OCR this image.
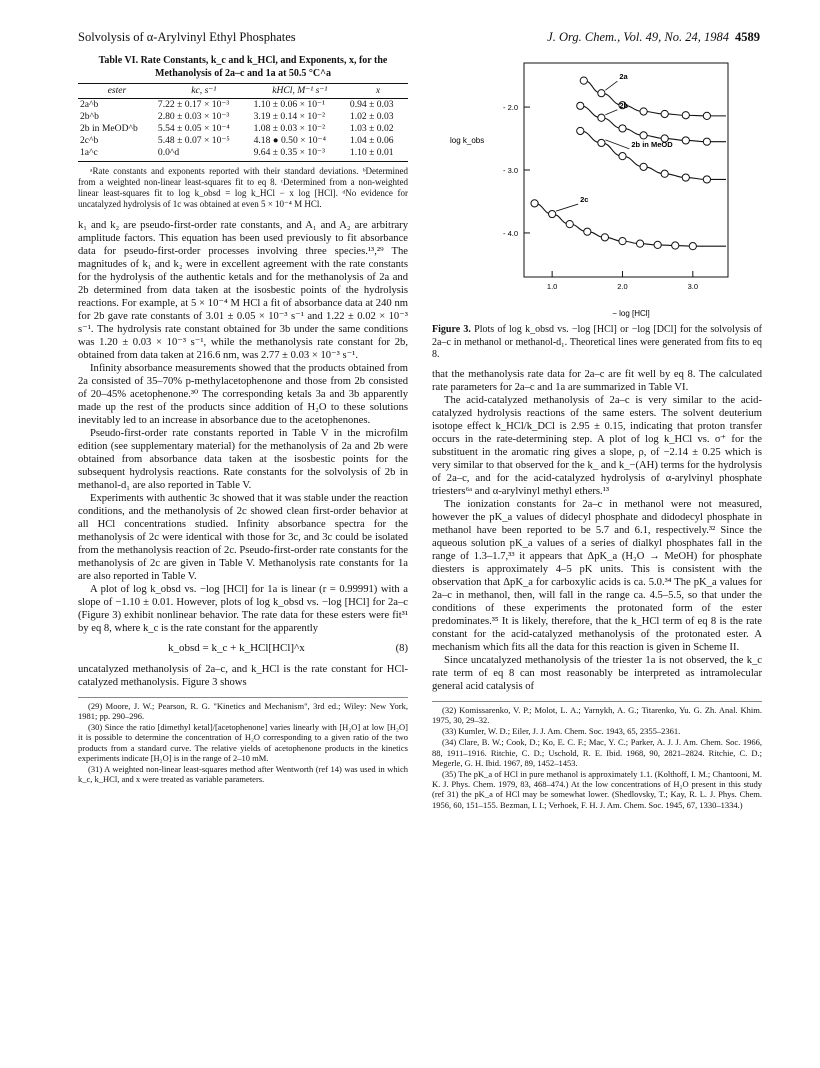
Solvolysis of α-Arylvinyl Ethyl Phosphates	J. Org. Chem., Vol. 49, No. 24, 1984 4589
Table VI. Rate Constants, k_c and k_HCl, and Exponents, x, for the Methanolysis of 2a–c and 1a at 50.5 °C^a
ester	kc, s⁻¹	kHCl, M⁻¹ s⁻¹	x
2a^b	7.22 ± 0.17 × 10⁻³	1.10 ± 0.06 × 10⁻¹	0.94 ± 0.03
2b^b	2.80 ± 0.03 × 10⁻³	3.19 ± 0.14 × 10⁻²	1.02 ± 0.03
2b in MeOD^b	5.54 ± 0.05 × 10⁻⁴	1.08 ± 0.03 × 10⁻²	1.03 ± 0.02
2c^b	5.48 ± 0.07 × 10⁻⁵	4.18 ● 0.50 × 10⁻⁴	1.04 ± 0.06
1a^c	0.0^d	9.64 ± 0.35 × 10⁻³	1.10 ± 0.01
ᵃRate constants and exponents reported with their standard deviations. ᵇDetermined from a weighted non-linear least-squares fit to eq 8. ᶜDetermined from a non-weighted linear least-squares fit to log k_obsd = log k_HCl − x log [HCl]. ᵈNo evidence for uncatalyzed hydrolysis of 1c was obtained at even 5 × 10⁻⁴ M HCl.

k₁ and k₂ are pseudo-first-order rate constants, and A₁ and A₂ are arbitrary amplitude factors. This equation has been used previously to fit absorbance data for pseudo-first-order processes involving three species.¹³,²⁹ The magnitudes of k₁ and k₂ were in excellent agreement with the rate constants for the hydrolysis of the authentic ketals and for the methanolysis of 2a and 2b determined from data taken at the isosbestic points of the hydrolysis reactions. For example, at 5 × 10⁻⁴ M HCl a fit of absorbance data at 240 nm for 2b gave rate constants of 3.01 ± 0.05 × 10⁻³ s⁻¹ and 1.22 ± 0.02 × 10⁻³ s⁻¹. The hydrolysis rate constant obtained for 3b under the same conditions was 1.20 ± 0.03 × 10⁻³ s⁻¹, while the methanolysis rate constant for 2b, obtained from data taken at 216.6 nm, was 2.77 ± 0.03 × 10⁻³ s⁻¹.

Infinity absorbance measurements showed that the products obtained from 2a consisted of 35–70% p-methylacetophenone and those from 2b consisted of 20–45% acetophenone.³⁰ The corresponding ketals 3a and 3b apparently made up the rest of the products since addition of H₂O to these solutions inevitably led to an increase in absorbance due to the acetophenones.

Pseudo-first-order rate constants reported in Table V in the microfilm edition (see supplementary material) for the methanolysis of 2a and 2b were obtained from absorbance data taken at the isosbestic points for the subsequent hydrolysis reactions. Rate constants for the solvolysis of 2b in methanol-d₁ are also reported in Table V.

Experiments with authentic 3c showed that it was stable under the reaction conditions, and the methanolysis of 2c showed clean first-order behavior at all HCl concentrations studied. Infinity absorbance spectra for the methanolysis of 2c were identical with those for 3c, and 3c could be isolated from the methanolysis reaction of 2c. Pseudo-first-order rate constants for the methanolysis of 2c are given in Table V. Methanolysis rate constants for 1a are also reported in Table V.

A plot of log k_obsd vs. −log [HCl] for 1a is linear (r = 0.99991) with a slope of −1.10 ± 0.01. However, plots of log k_obsd vs. −log [HCl] for 2a–c (Figure 3) exhibit nonlinear behavior. The rate data for these esters were fit³¹ by eq 8, where k_c is the rate constant for the apparently

k_obsd = k_c + k_HCl[HCl]^x	(8)

uncatalyzed methanolysis of 2a–c, and k_HCl is the rate constant for HCl-catalyzed methanolysis. Figure 3 shows

(29) Moore, J. W.; Pearson, R. G. "Kinetics and Mechanism", 3rd ed.; Wiley: New York, 1981; pp. 290–296.

(30) Since the ratio [dimethyl ketal]/[acetophenone] varies linearly with [H₂O] at low [H₂O] it is possible to determine the concentration of H₂O corresponding to a given ratio of the two products from a standard curve. The relative yields of acetophenone products in the kinetics experiments indicate [H₂O] is in the range of 2–10 mM.

(31) A weighted non-linear least-squares method after Wentworth (ref 14) was used in which k_c, k_HCl, and x were treated as variable parameters.

log k_obs
− log [HCl]
- 2.0
- 3.0
- 4.0
1.0	2.0	3.0
2a
2b
2b in MeOD
2c
Figure 3. Plots of log k_obsd vs. −log [HCl] or −log [DCl] for the solvolysis of 2a–c in methanol or methanol-d₁. Theoretical lines were generated from fits to eq 8.

that the methanolysis rate data for 2a–c are fit well by eq 8. The calculated rate parameters for 2a–c and 1a are summarized in Table VI.

The acid-catalyzed methanolysis of 2a–c is very similar to the acid-catalyzed hydrolysis reactions of the same esters. The solvent deuterium isotope effect k_HCl/k_DCl is 2.95 ± 0.15, indicating that proton transfer occurs in the rate-determining step. A plot of log k_HCl vs. σ⁺ for the substituent in the aromatic ring gives a slope, ρ, of −2.14 ± 0.25 which is very similar to that observed for the k_ and k_−(AH) terms for the hydrolysis of 2a–c, and for the acid-catalyzed hydrolysis of α-arylvinyl phosphate triesters⁶ᵃ and α-arylvinyl methyl ethers.¹³

The ionization constants for 2a–c in methanol were not measured, however the pK_a values of didecyl phosphate and didodecyl phosphate in methanol have been reported to be 5.7 and 6.1, respectively.³² Since the aqueous solution pK_a values of a series of dialkyl phosphates fall in the range of 1.3–1.7,³³ it appears that ΔpK_a (H₂O → MeOH) for phosphate diesters is approximately 4–5 pK units. This is consistent with the observation that ΔpK_a for carboxylic acids is ca. 5.0.³⁴ The pK_a values for 2a–c in methanol, then, will fall in the range ca. 4.5–5.5, so that under the conditions of these experiments the protonated form of the ester predominates.³⁵ It is likely, therefore, that the k_HCl term of eq 8 is the rate constant for the acid-catalyzed methanolysis of the protonated ester. A mechanism which fits all the data for this reaction is given in Scheme II.

Since uncatalyzed methanolysis of the triester 1a is not observed, the k_c rate term of eq 8 can most reasonably be interpreted as intramolecular general acid catalysis of

(32) Komissarenko, V. P.; Molot, L. A.; Yarnykh, A. G.; Titarenko, Yu. G. Zh. Anal. Khim. 1975, 30, 29–32.

(33) Kumler, W. D.; Eiler, J. J. Am. Chem. Soc. 1943, 65, 2355–2361.

(34) Clare, B. W.; Cook, D.; Ko, E. C. F.; Mac, Y. C.; Parker, A. J. J. Am. Chem. Soc. 1966, 88, 1911–1916. Ritchie, C. D.; Uschold, R. E. Ibid. 1968, 90, 2821–2824. Ritchie, C. D.; Megerle, G. H. Ibid. 1967, 89, 1452–1453.

(35) The pK_a of HCl in pure methanol is approximately 1.1. (Kolthoff, I. M.; Chantooni, M. K. J. Phys. Chem. 1979, 83, 468–474.) At the low concentrations of H₂O present in this study (ref 31) the pK_a of HCl may be somewhat lower. (Shedlovsky, T.; Kay, R. L. J. Phys. Chem. 1956, 60, 151–155. Bezman, I. I.; Verhoek, F. H. J. Am. Chem. Soc. 1945, 67, 1330–1334.)
